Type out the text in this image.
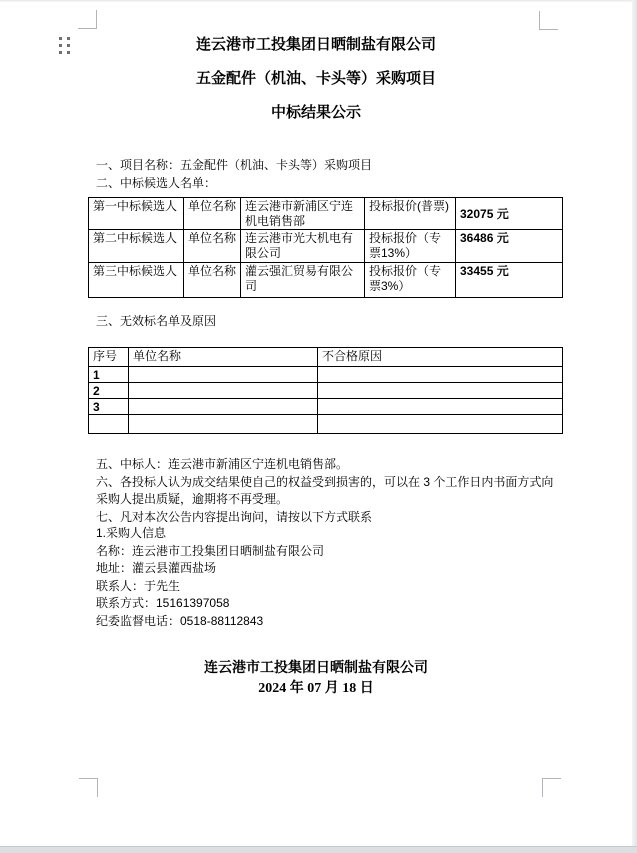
连云港市工投集团日晒制盐有限公司
五金配件（机油、卡头等）采购项目
中标结果公示
一、项目名称：五金配件（机油、卡头等）采购项目
二、中标候选人名单：
第一中标候选人	单位名称	连云港市新浦区宁连机电销售部	投标报价(普票)	32075 元
第二中标候选人	单位名称	连云港市光大机电有限公司	投标报价（专票13%）	36486 元
第三中标候选人	单位名称	灌云强汇贸易有限公司	投标报价（专票3%）	33455 元
三、无效标名单及原因
序号	单位名称	不合格原因
1		
2		
3		

五、中标人：连云港市新浦区宁连机电销售部。
六、各投标人认为成交结果使自己的权益受到损害的，可以在 3 个工作日内书面方式向采购人提出质疑，逾期将不再受理。
七、凡对本次公告内容提出询问，请按以下方式联系
1.采购人信息
名称：连云港市工投集团日晒制盐有限公司
地址：灌云县灌西盐场
联系人：于先生
联系方式：15161397058
纪委监督电话：0518-88112843
连云港市工投集团日晒制盐有限公司
2024 年 07 月 18 日
